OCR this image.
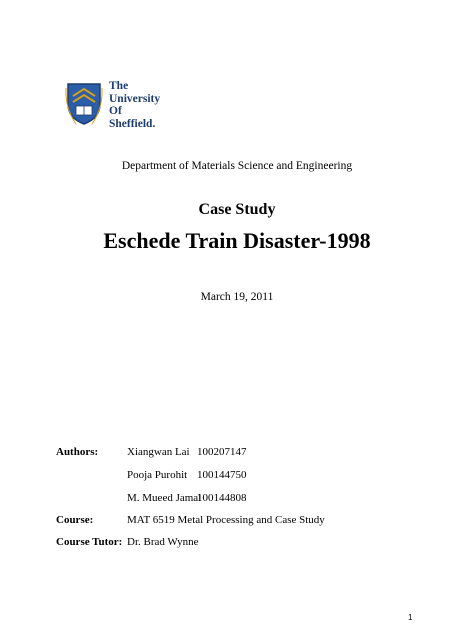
The
University
Of
Sheffield.
Department of Materials Science and Engineering
Case Study
Eschede Train Disaster-1998
March 19, 2011
Authors:	Xiangwan Lai 100207147
Pooja Purohit 100144750
M. Mueed Jamal
100144808
Course:	MAT 6519 Metal Processing and Case Study
Course Tutor: Dr. Brad Wynne
1
